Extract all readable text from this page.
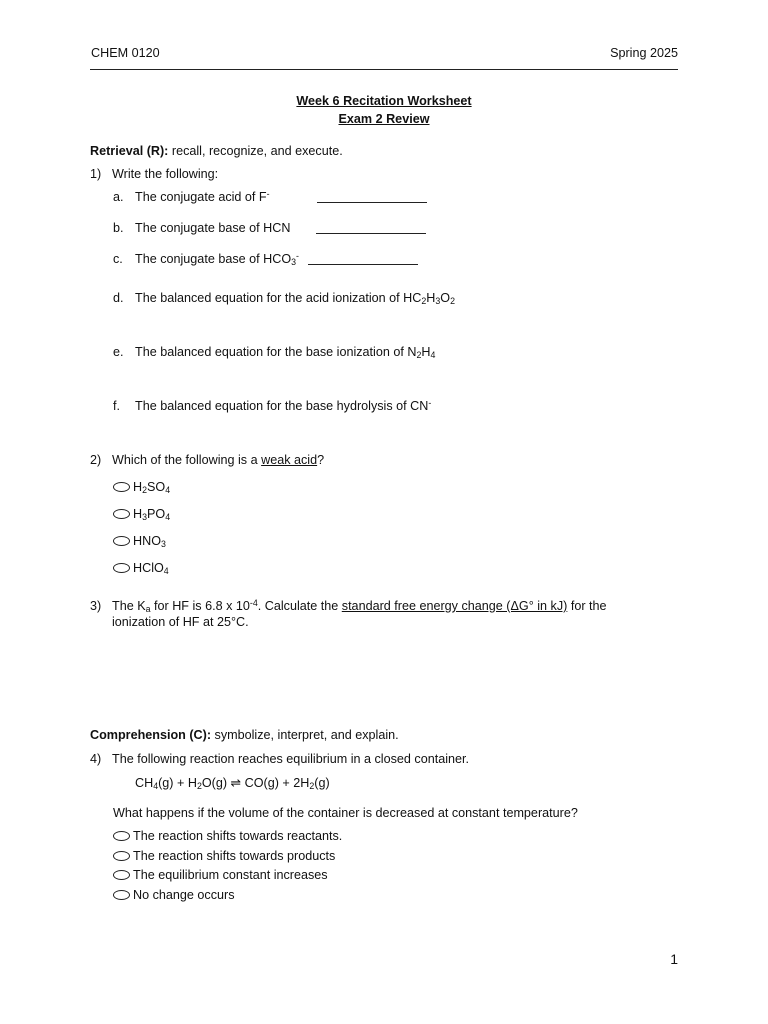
CHEM 0120	Spring 2025
Week 6 Recitation Worksheet
Exam 2 Review
Retrieval (R): recall, recognize, and execute.
1) Write the following:
a. The conjugate acid of F-
b. The conjugate base of HCN
c. The conjugate base of $HCO_3^-$
d. The balanced equation for the acid ionization of $HC_2H_3O_2$
e. The balanced equation for the base ionization of $N_2H_4$
f. The balanced equation for the base hydrolysis of CN-
2) Which of the following is a weak acid?
$H_2SO_4$
$H_3PO_4$
$HNO_3$
HClO$_4$
3) The $K_a$ for HF is 6.8 x $10^{-4}$. Calculate the standard free energy change (ΔG° in kJ) for the
ionization of HF at 25°C.
Comprehension (C): symbolize, interpret, and explain.
4) The following reaction reaches equilibrium in a closed container.
$CH_4(g) + H_2O(g)$ ⇌ $CO(g) + 2H_2(g)$
What happens if the volume of the container is decreased at constant temperature?
The reaction shifts towards reactants.
The reaction shifts towards products
The equilibrium constant increases
No change occurs
1
